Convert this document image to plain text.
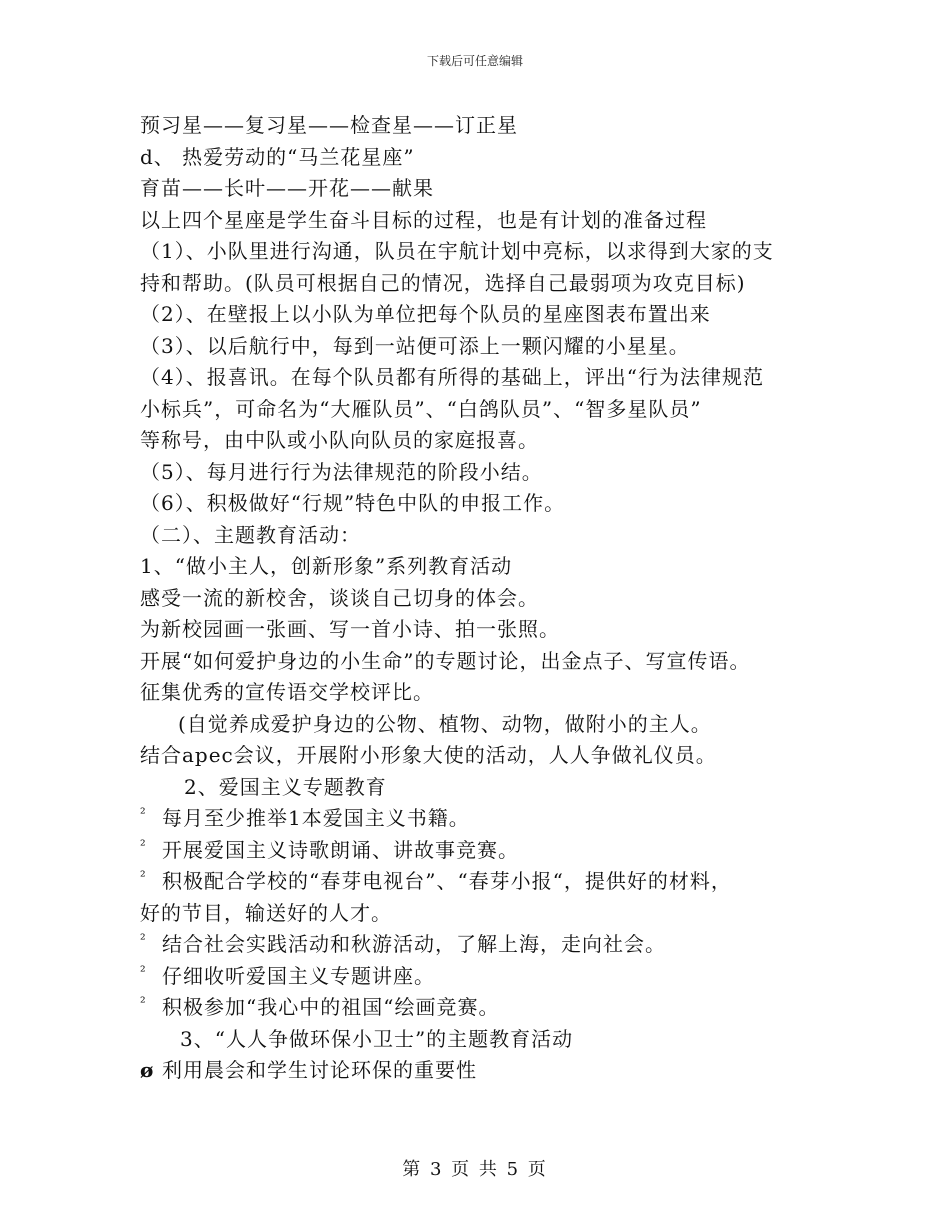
下载后可任意编辑
预习星——复习星——检查星——订正星
d、 热爱劳动的“马兰花星座”
育苗——长叶——开花——献果
以上四个星座是学生奋斗目标的过程，也是有计划的准备过程
（1）、小队里进行沟通，队员在宇航计划中亮标，以求得到大家的支
持和帮助。(队员可根据自己的情况，选择自己最弱项为攻克目标)
（2）、在壁报上以小队为单位把每个队员的星座图表布置出来
（3）、以后航行中，每到一站便可添上一颗闪耀的小星星。
（4）、报喜讯。在每个队员都有所得的基础上，评出“行为法律规范
小标兵”，可命名为“大雁队员”、“白鸽队员”、“智多星队员”
等称号，由中队或小队向队员的家庭报喜。
（5）、每月进行行为法律规范的阶段小结。
（6）、积极做好“行规”特色中队的申报工作。
（二）、主题教育活动：
1、“做小主人，创新形象”系列教育活动
感受一流的新校舍，谈谈自己切身的体会。
为新校园画一张画、写一首小诗、拍一张照。
开展“如何爱护身边的小生命”的专题讨论，出金点子、写宣传语。
征集优秀的宣传语交学校评比。
(自觉养成爱护身边的公物、植物、动物，做附小的主人。
结合apec会议，开展附小形象大使的活动，人人争做礼仪员。
2、爱国主义专题教育
² 每月至少推举1本爱国主义书籍。
² 开展爱国主义诗歌朗诵、讲故事竞赛。
² 积极配合学校的“春芽电视台”、“春芽小报“，提供好的材料，
好的节目，输送好的人才。
² 结合社会实践活动和秋游活动，了解上海，走向社会。
² 仔细收听爱国主义专题讲座。
² 积极参加“我心中的祖国“绘画竞赛。
3、“人人争做环保小卫士”的主题教育活动
ø 利用晨会和学生讨论环保的重要性
第 3 页 共 5 页
